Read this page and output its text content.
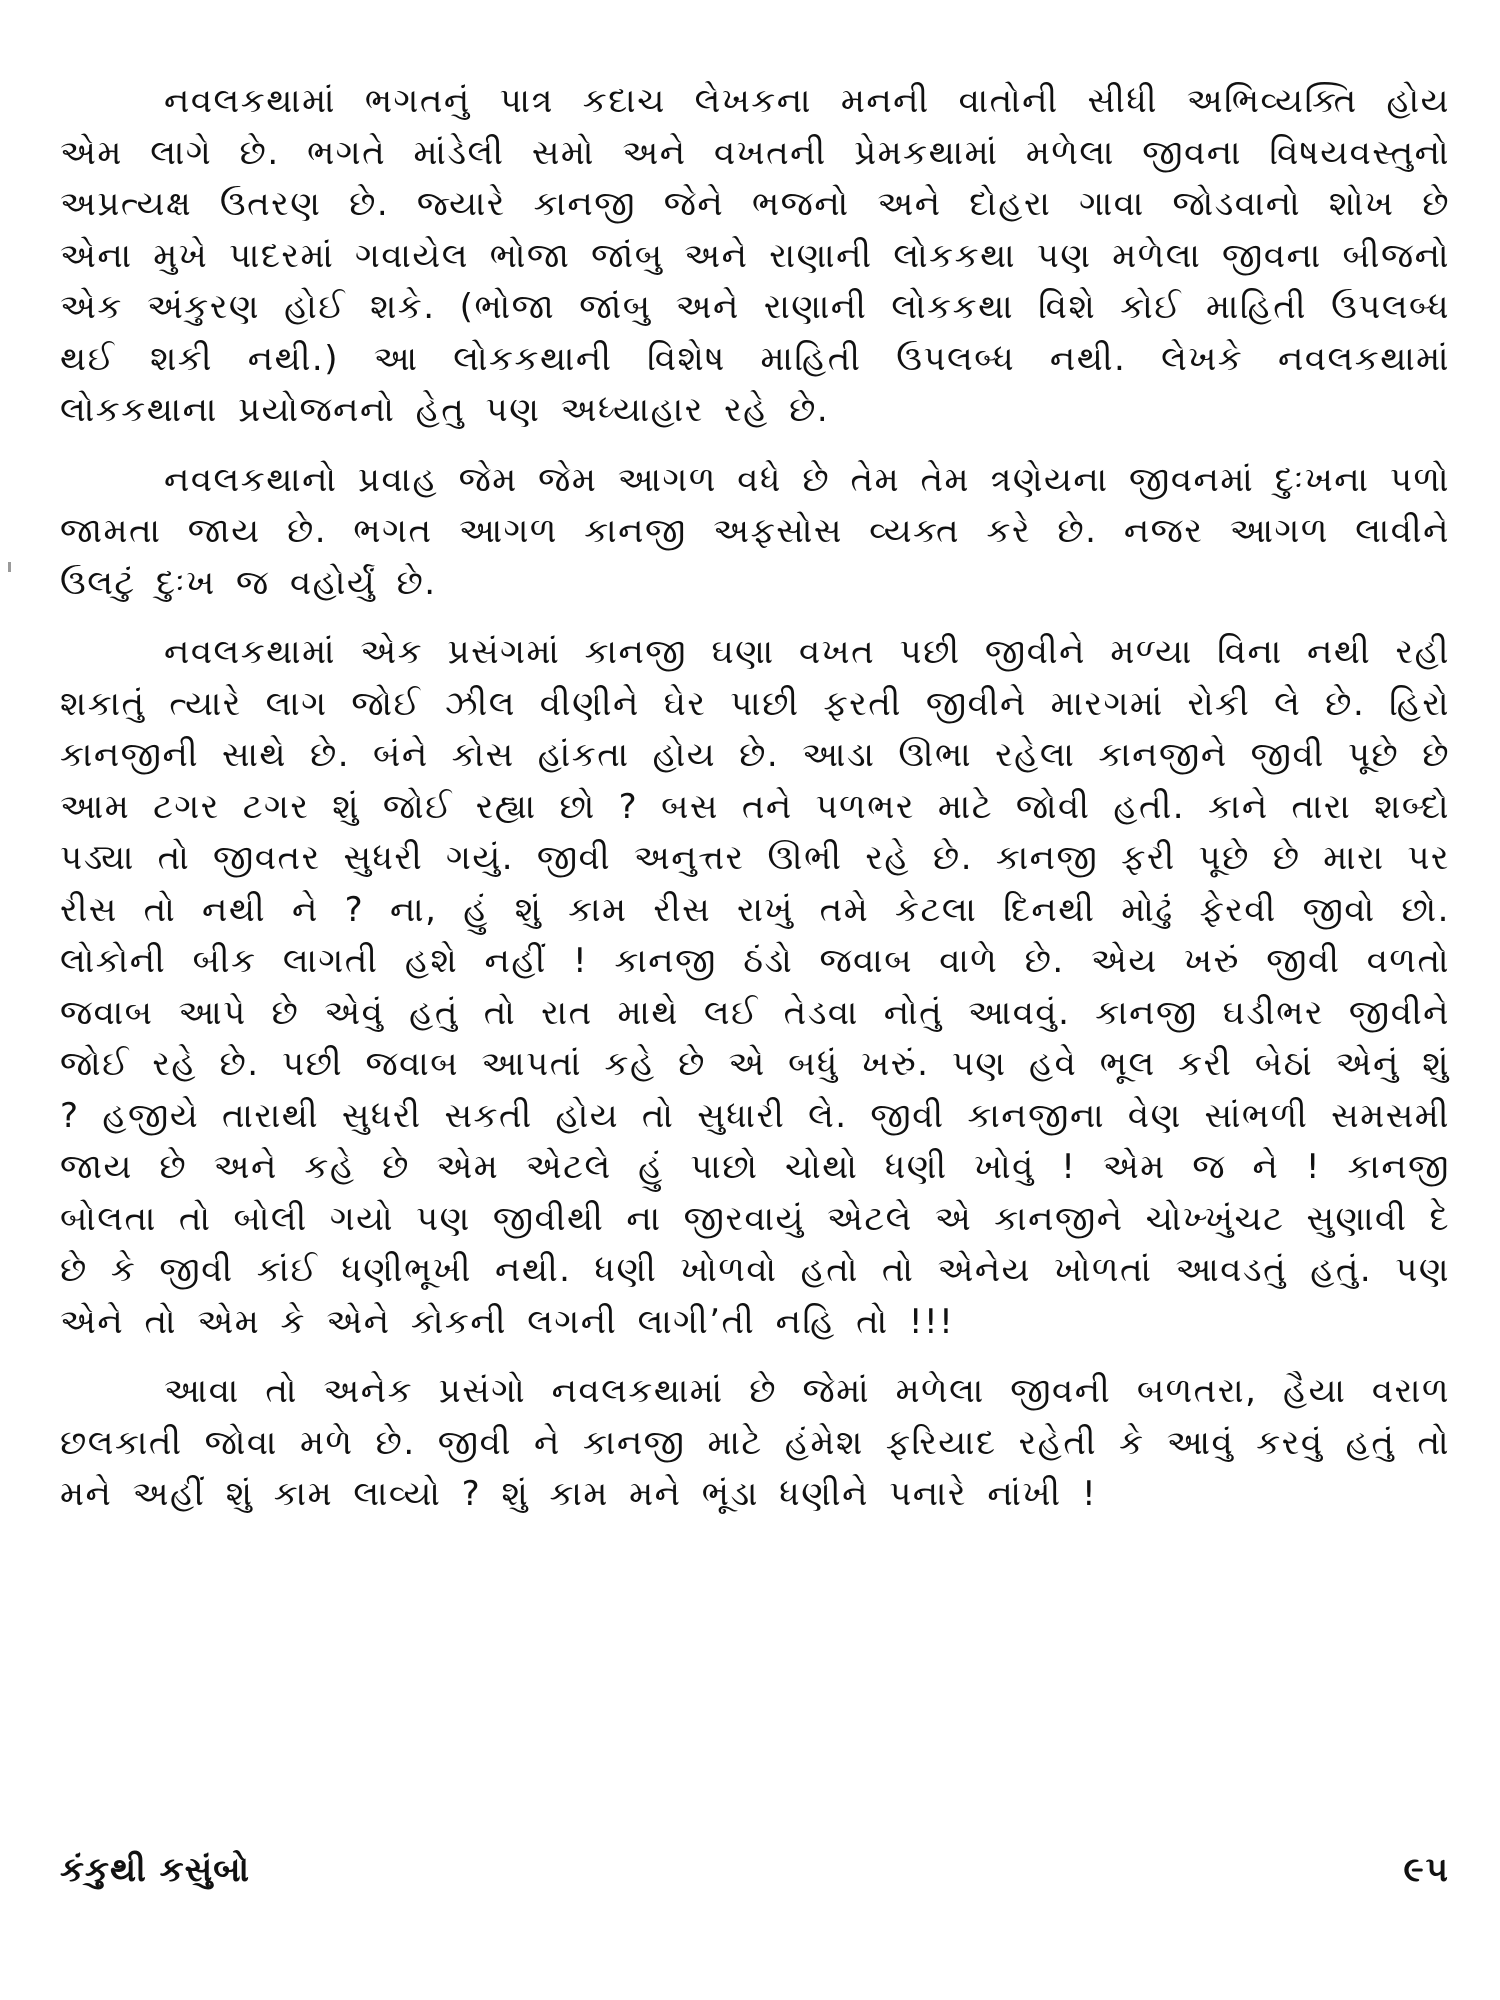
નવલકથામાં ભગતનું પાત્ર કદાચ લેખકના મનની વાતોની સીધી અભિવ્યક્તિ હોય એમ લાગે છે. ભગતે માંડેલી સમો અને વખતની પ્રેમકથામાં મળેલા જીવના વિષયવસ્તુનો અપ્રત્યક્ષ ઉતરણ છે. જ્યારે કાનજી જેને ભજનો અને દોહરા ગાવા જોડવાનો શોખ છે એના મુખે પાદરમાં ગવાયેલ ભોજા જાંબુ અને રાણાની લોકકથા પણ મળેલા જીવના બીજનો એક અંકુરણ હોઈ શકે. (ભોજા જાંબુ અને રાણાની લોકકથા વિશે કોઈ માહિતી ઉપલબ્ધ થઈ શકી નથી.) આ લોકકથાની વિશેષ માહિતી ઉપલબ્ધ નથી. લેખકે નવલકથામાં લોકકથાના પ્રયોજનનો હેતુ પણ અધ્યાહાર રહે છે.

નવલકથાનો પ્રવાહ જેમ જેમ આગળ વધે છે તેમ તેમ ત્રણેયના જીવનમાં દુઃખના પળો જામતા જાય છે. ભગત આગળ કાનજી અફસોસ વ્યક્ત કરે છે. નજર આગળ લાવીને ઉલટું દુઃખ જ વહોર્યું છે.

નવલકથામાં એક પ્રસંગમાં કાનજી ઘણા વખત પછી જીવીને મળ્યા વિના નથી રહી શકાતું ત્યારે લાગ જોઈ ઝીલ વીણીને ઘેર પાછી ફરતી જીવીને મારગમાં રોકી લે છે. હિરો કાનજીની સાથે છે. બંને કોસ હાંકતા હોય છે. આડા ઊભા રહેલા કાનજીને જીવી પૂછે છે આમ ટગર ટગર શું જોઈ રહ્યા છો ? બસ તને પળભર માટે જોવી હતી. કાને તારા શબ્દો પડ્યા તો જીવતર સુધરી ગયું. જીવી અનુત્તર ઊભી રહે છે. કાનજી ફરી પૂછે છે મારા પર રીસ તો નથી ને ? ના, હું શું કામ રીસ રાખું તમે કેટલા દિનથી મોઢું ફેરવી જીવો છો. લોકોની બીક લાગતી હશે નહીં ! કાનજી ઠંડો જવાબ વાળે છે. એય ખરું જીવી વળતો જવાબ આપે છે એવું હતું તો રાત માથે લઈ તેડવા નોતું આવવું. કાનજી ઘડીભર જીવીને જોઈ રહે છે. પછી જવાબ આપતાં કહે છે એ બધું ખરું. પણ હવે ભૂલ કરી બેઠાં એનું શું ? હજીયે તારાથી સુધરી સકતી હોય તો સુધારી લે. જીવી કાનજીના વેણ સાંભળી સમસમી જાય છે અને કહે છે એમ એટલે હું પાછો ચોથો ધણી ખોવું ! એમ જ ને ! કાનજી બોલતા તો બોલી ગયો પણ જીવીથી ના જીરવાયું એટલે એ કાનજીને ચોખ્ખુંચટ સુણાવી દે છે કે જીવી કાંઈ ધણીભૂખી નથી. ધણી ખોળવો હતો તો એનેય ખોળતાં આવડતું હતું. પણ એને તો એમ કે એને કોકની લગની લાગી’તી નહિ તો !!!

આવા તો અનેક પ્રસંગો નવલકથામાં છે જેમાં મળેલા જીવની બળતરા, હૈયા વરાળ છલકાતી જોવા મળે છે. જીવી ને કાનજી માટે હંમેશ ફરિયાદ રહેતી કે આવું કરવું હતું તો મને અહીં શું કામ લાવ્યો ? શું કામ મને ભૂંડા ધણીને પનારે નાંખી !

કંકુથી કસુંબો	૯૫
